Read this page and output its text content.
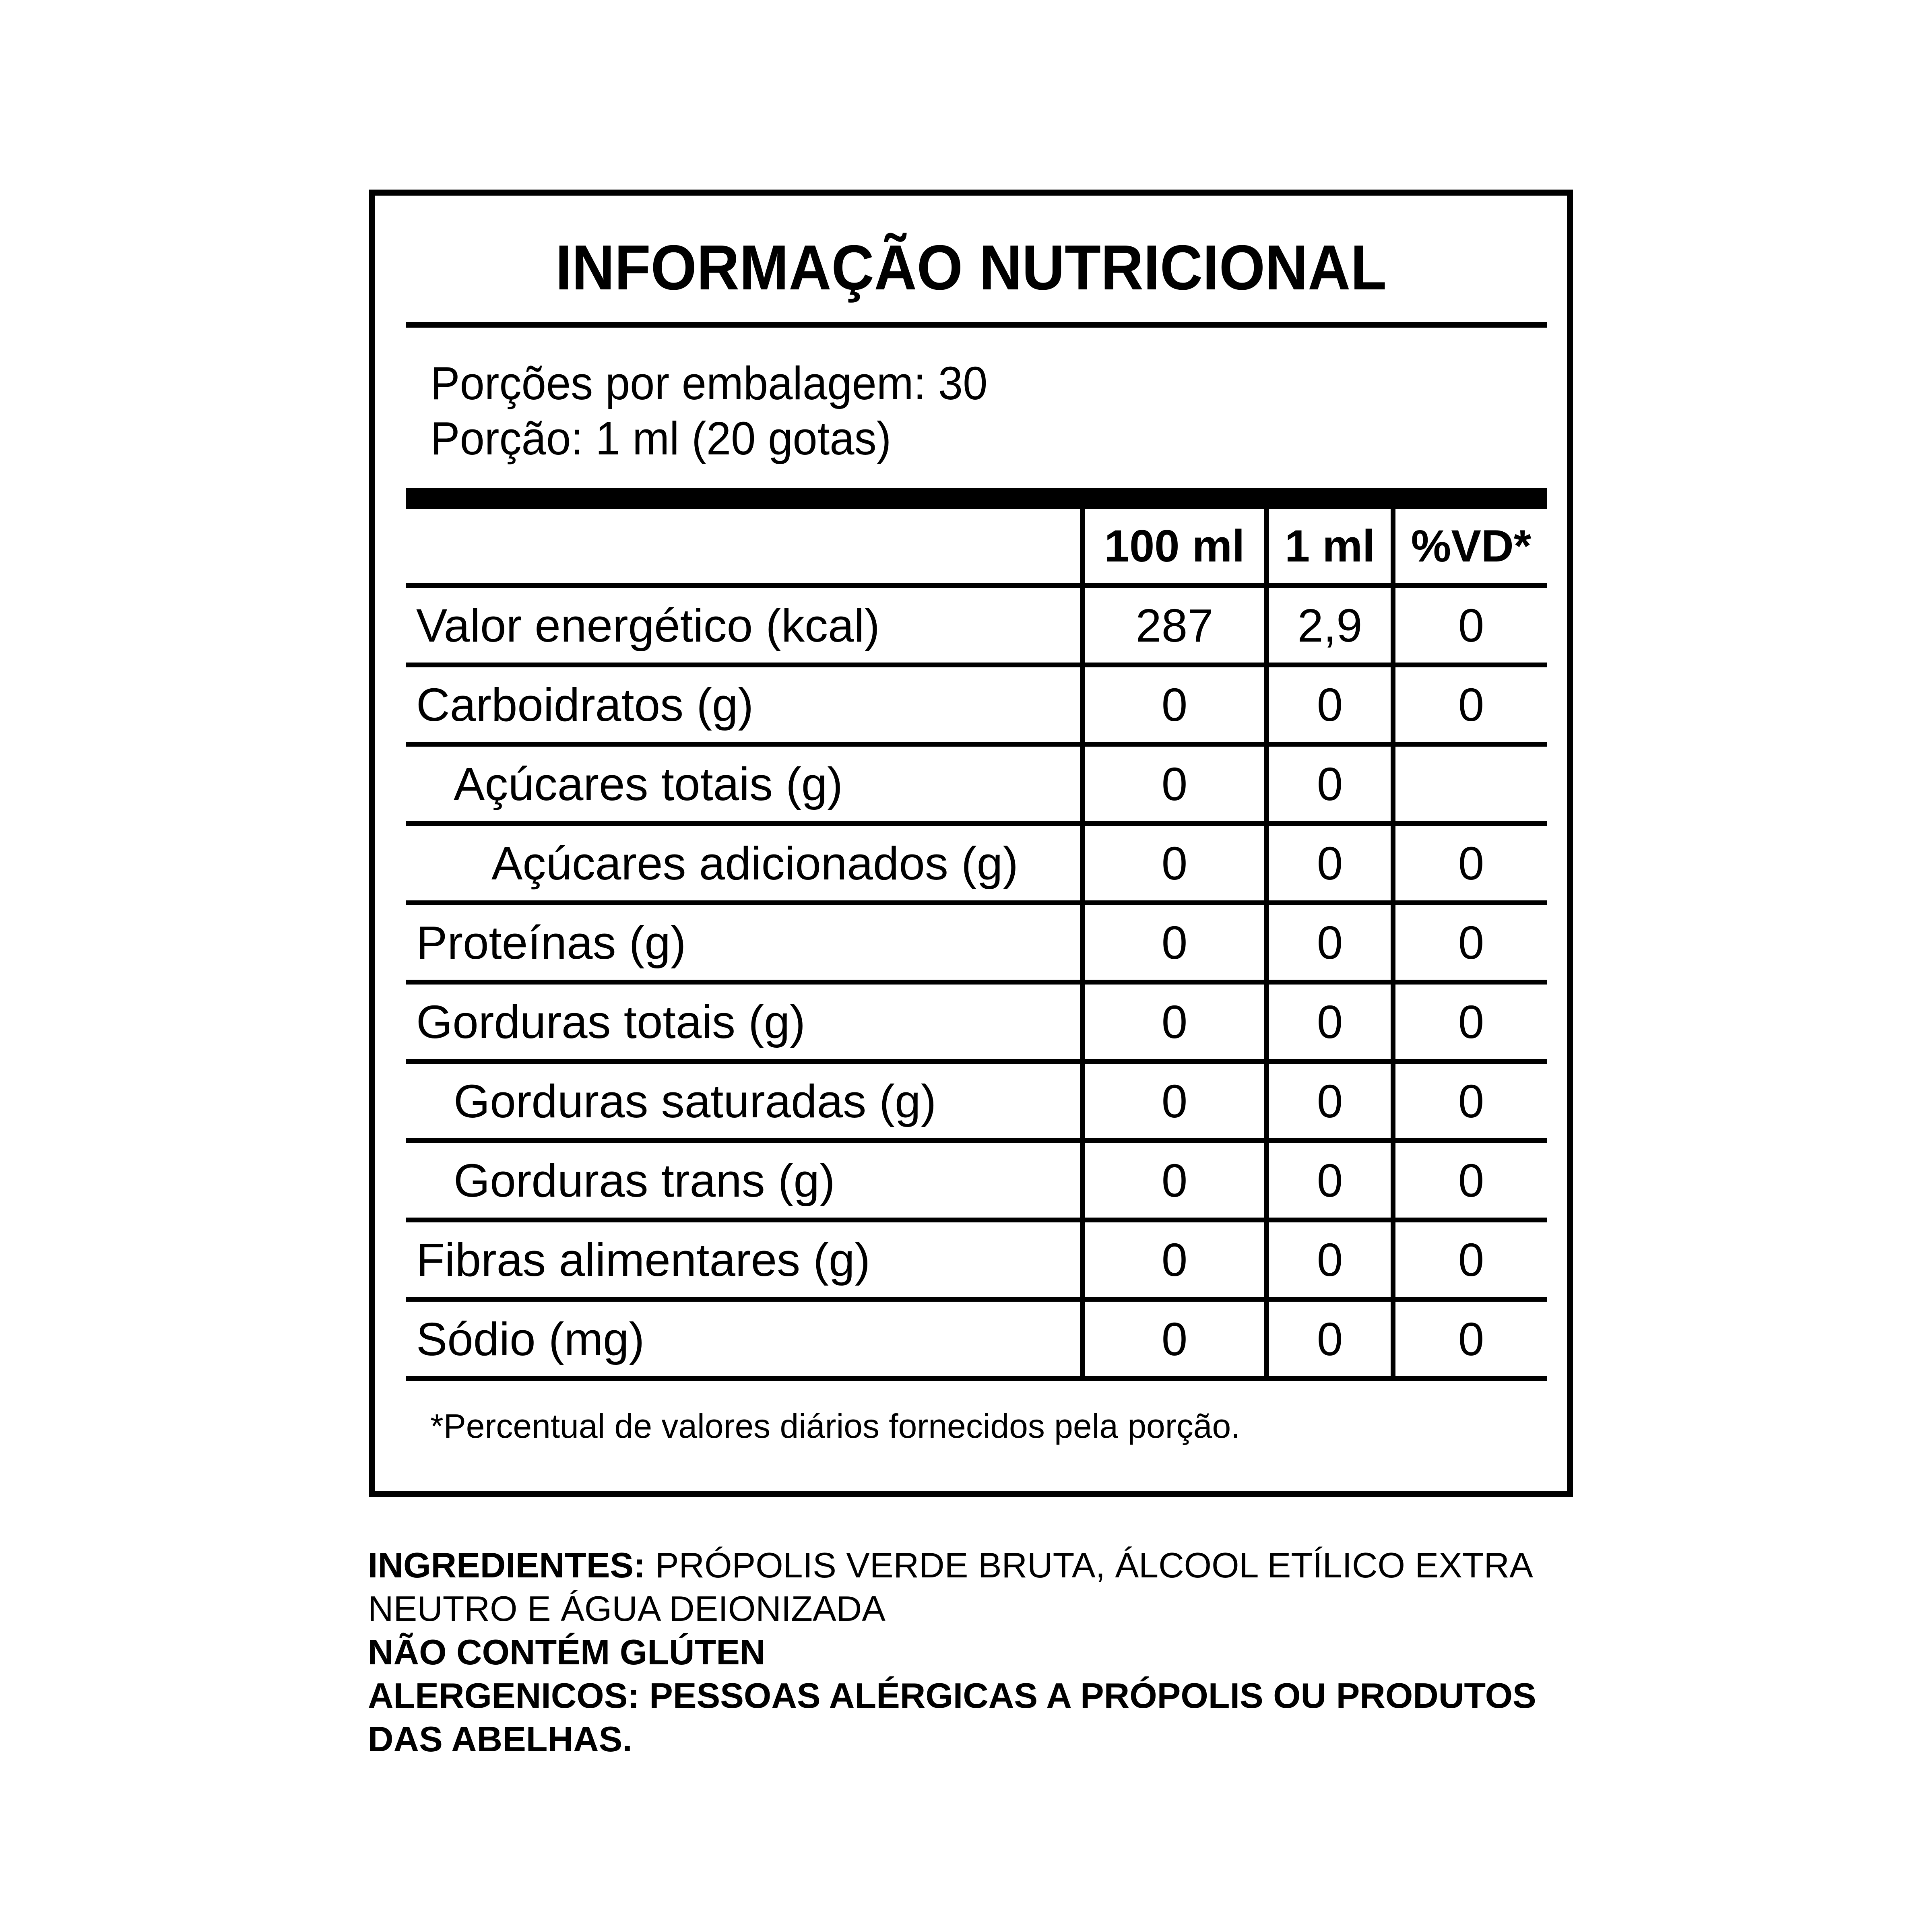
INFORMAÇÃO NUTRICIONAL
Porções por embalagem: 30
Porção: 1 ml (20 gotas)
100 ml 1 ml %VD*
Valor energético (kcal)	287	2,9	0
Carboidratos (g)	0	0	0
Açúcares totais (g)	0	0
Açúcares adicionados (g)	0	0	0
Proteínas (g)	0	0	0
Gorduras totais (g)	0	0	0
Gorduras saturadas (g)	0	0	0
Gorduras trans (g)	0	0	0
Fibras alimentares (g)	0	0	0
Sódio (mg)	0	0	0
*Percentual de valores diários fornecidos pela porção.
INGREDIENTES: PRÓPOLIS VERDE BRUTA, ÁLCOOL ETÍLICO EXTRA NEUTRO E ÁGUA DEIONIZADA
NÃO CONTÉM GLÚTEN
ALERGENICOS: PESSOAS ALÉRGICAS A PRÓPOLIS OU PRODUTOS DAS ABELHAS.
